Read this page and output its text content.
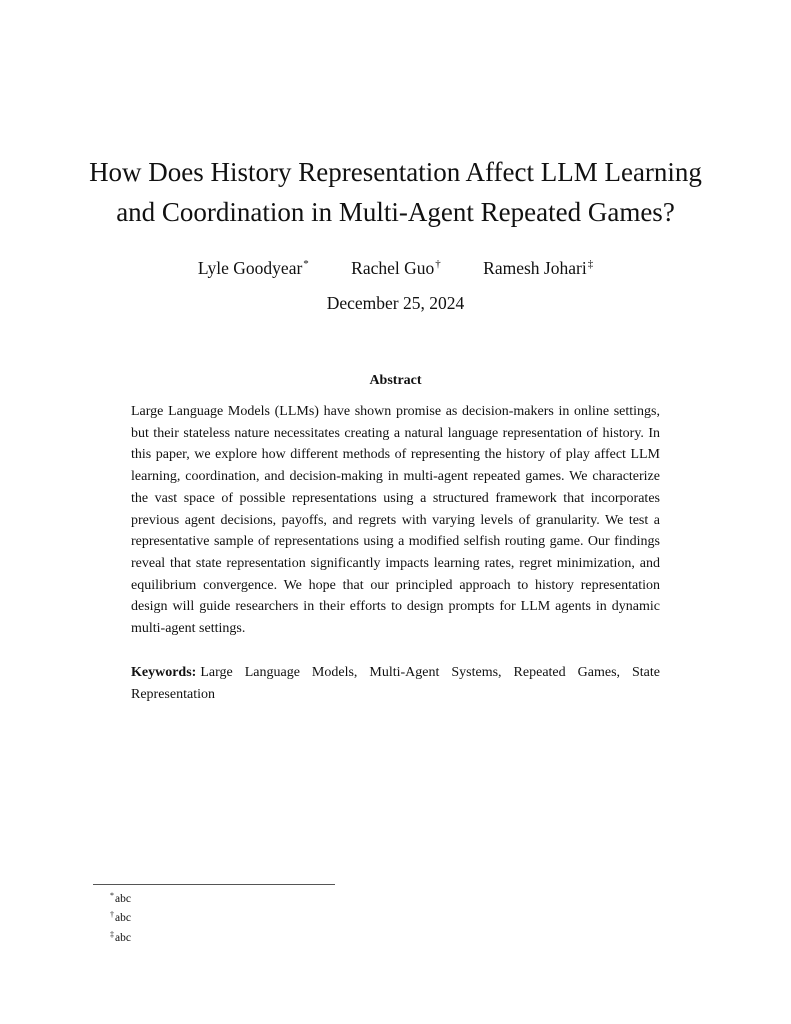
How Does History Representation Affect LLM Learning
and Coordination in Multi-Agent Repeated Games?
Lyle Goodyear* Rachel Guo† Ramesh Johari‡
December 25, 2024
Abstract
Large Language Models (LLMs) have shown promise as decision-makers in online settings, but their stateless nature necessitates creating a natural language representation of history. In this paper, we explore how different methods of representing the history of play affect LLM learning, coordination, and decision-making in multi-agent repeated games. We characterize the vast space of possible representations using a structured framework that incorporates previous agent decisions, payoffs, and regrets with varying levels of granularity. We test a representative sample of representations using a modified selfish routing game. Our findings reveal that state representation significantly impacts learning rates, regret minimization, and equilibrium convergence. We hope that our principled approach to history representation design will guide researchers in their efforts to design prompts for LLM agents in dynamic multi-agent settings.
Keywords: Large Language Models, Multi-Agent Systems, Repeated Games, State Representation
*abc
†abc
‡abc
